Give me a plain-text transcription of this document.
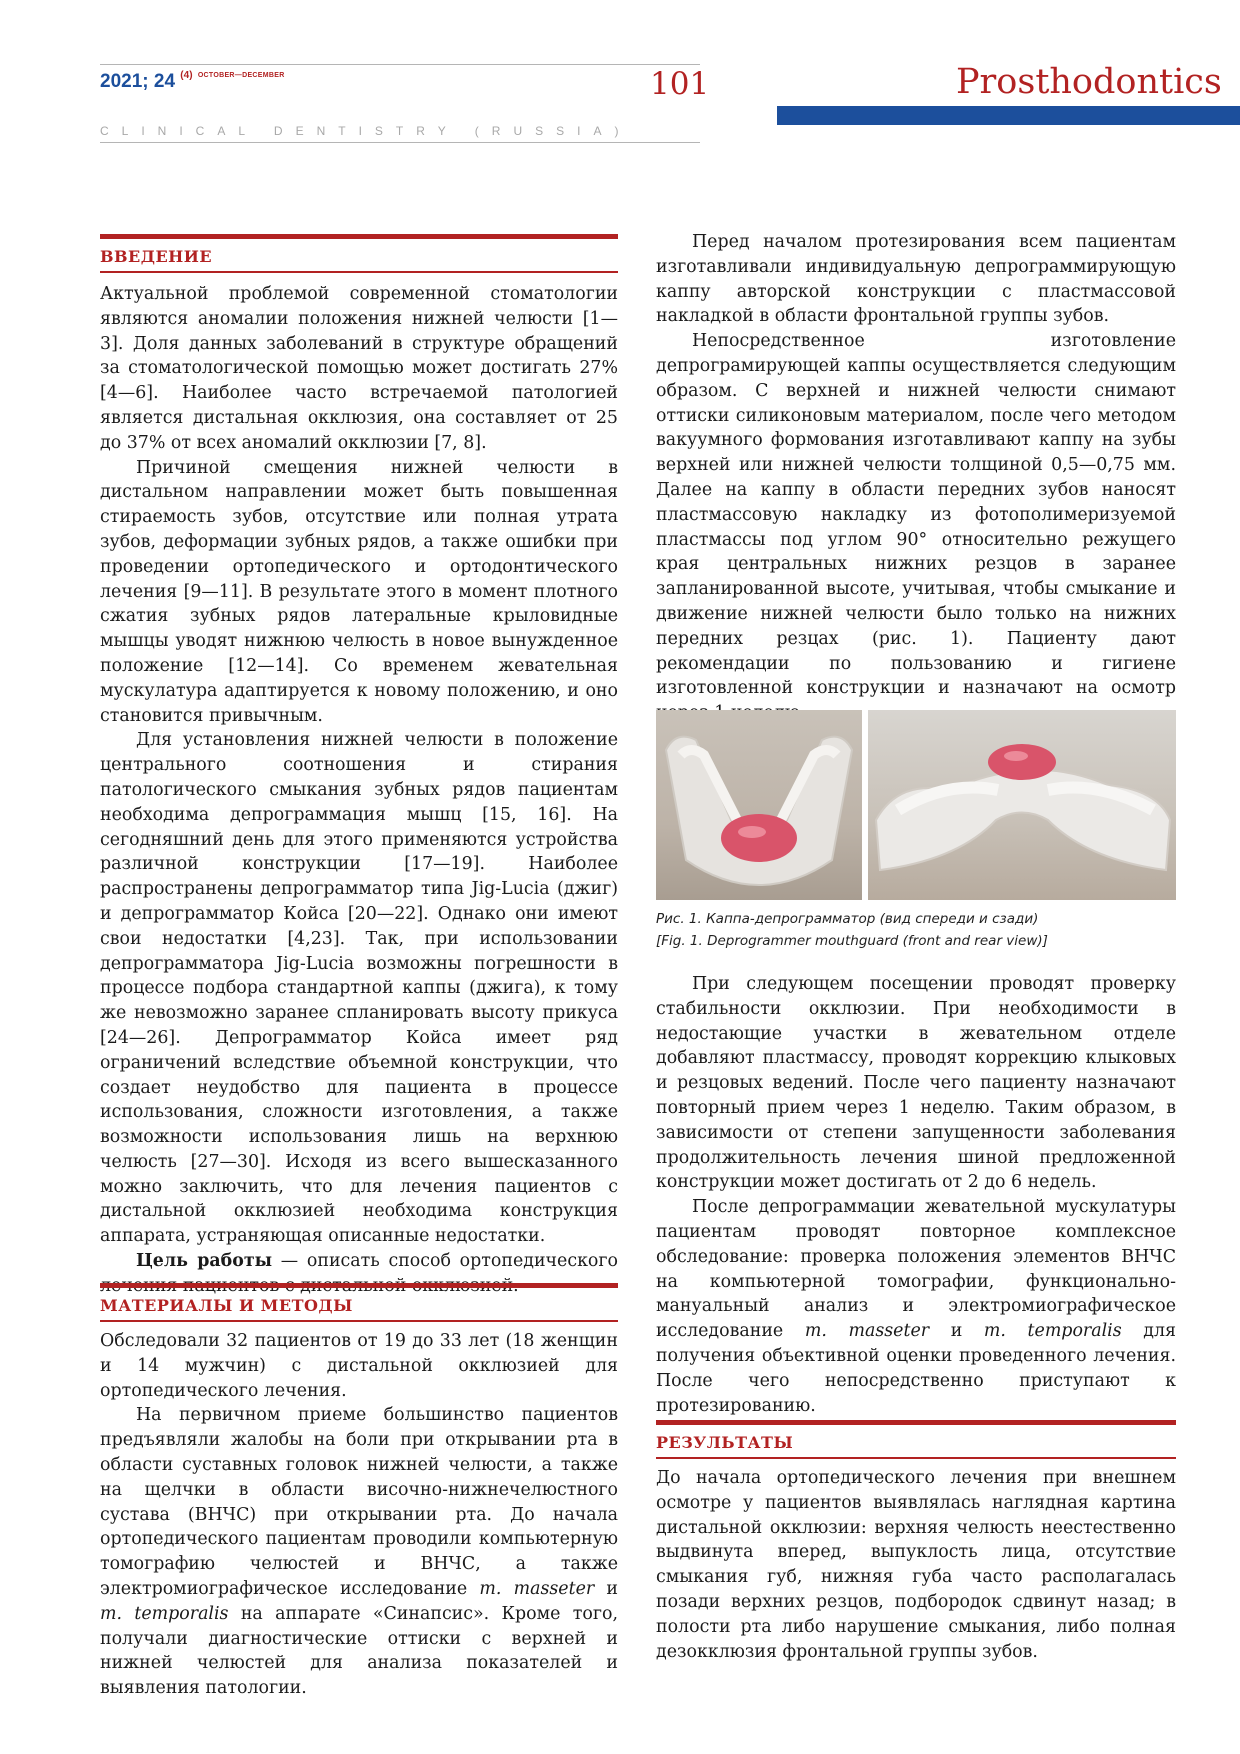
2021; 24 $^{(4)}$ $^{OCTOBER—DECEMBER}$	101	Prosthodontics
CLINICAL DENTISTRY (RUSSIA)
ВВЕДЕНИЕ

Актуальной проблемой современной стоматологии являются аномалии положения нижней челюсти [1—3]. Доля данных заболеваний в структуре обращений за стоматологической помощью может достигать 27% [4—6]. Наиболее часто встречаемой патологией является дистальная окклюзия, она составляет от 25 до 37% от всех аномалий окклюзии [7, 8].

Причиной смещения нижней челюсти в дистальном направлении может быть повышенная стираемость зубов, отсутствие или полная утрата зубов, деформации зубных рядов, а также ошибки при проведении ортопедического и ортодонтического лечения [9—11]. В результате этого в момент плотного сжатия зубных рядов латеральные крыловидные мышцы уводят нижнюю челюсть в новое вынужденное положение [12—14]. Со временем жевательная мускулатура адаптируется к новому положению, и оно становится привычным.

Для установления нижней челюсти в положение центрального соотношения и стирания патологического смыкания зубных рядов пациентам необходима депрограммация мышц [15, 16]. На сегодняшний день для этого применяются устройства различной конструкции [17—19]. Наиболее распространены депрограмматор типа Jig-Lucia (джиг) и депрограмматор Койса [20—22]. Однако они имеют свои недостатки [4,23]. Так, при использовании депрограмматора Jig-Lucia возможны погрешности в процессе подбора стандартной каппы (джига), к тому же невозможно заранее спланировать высоту прикуса [24—26]. Депрограмматор Койса имеет ряд ограничений вследствие объемной конструкции, что создает неудобство для пациента в процессе использования, сложности изготовления, а также возможности использования лишь на верхнюю челюсть [27—30]. Исходя из всего вышесказанного можно заключить, что для лечения пациентов с дистальной окклюзией необходима конструкция аппарата, устраняющая описанные недостатки.

Цель работы — описать способ ортопедического

МАТЕРИАЛЫ И МЕТОДЫ

Обследовали 32 пациентов от 19 до 33 лет (18 женщин и 14 мужчин) с дистальной окклюзией для ортопедического лечения.

На первичном приеме большинство пациентов предъявляли жалобы на боли при открывании рта в области суставных головок нижней челюсти, а также на щелчки в области височно-нижнечелюстного сустава (ВНЧС) при открывании рта. До начала ортопедического пациентам проводили компьютерную томографию челюстей и ВНЧС, а также электромиографическое исследование m. masseter и m. temporalis на аппарате «Синапсис». Кроме того, получали диагностические оттиски с верхней и нижней челюстей для анализа показателей и выявления патологии.

Перед началом протезирования всем пациентам изготавливали индивидуальную депрограммирующую каппу авторской конструкции с пластмассовой накладкой в области фронтальной группы зубов.

Непосредственное изготовление депрограмирующей каппы осуществляется следующим образом. С верхней и нижней челюсти снимают оттиски силиконовым материалом, после чего методом вакуумного формования изготавливают каппу на зубы верхней или нижней челюсти толщиной 0,5—0,75 мм. Далее на каппу в области передних зубов наносят пластмассовую накладку из фотополимеризуемой пластмассы под углом 90° относительно режущего края центральных нижних резцов в заранее запланированной высоте, учитывая, чтобы смыкание и движение нижней челюсти было только на нижних передних резцах (рис. 1). Пациенту дают рекомендации по пользованию и гигиене изготовленной конструкции и назначают на осмотр

Рис. 1. Каппа-депрограмматор (вид спереди и сзади)
[Fig. 1. Deprogrammer mouthguard (front and rear view)]

При следующем посещении проводят проверку стабильности окклюзии. При необходимости в недостающие участки в жевательном отделе добавляют пластмассу, проводят коррекцию клыковых и резцовых ведений. После чего пациенту назначают повторный прием через 1 неделю. Таким образом, в зависимости от степени запущенности заболевания продолжительность лечения шиной предложенной конструкции может достигать от 2 до 6 недель.

После депрограммации жевательной мускулатуры пациентам проводят повторное комплексное обследование: проверка положения элементов ВНЧС на компьютерной томографии, функционально-мануальный анализ и электромиографическое исследование m. masseter и m. temporalis для получения объективной оценки проведенного лечения. После чего непосредственно приступают к протезированию.

РЕЗУЛЬТАТЫ

До начала ортопедического лечения при внешнем осмотре у пациентов выявлялась наглядная картина дистальной окклюзии: верхняя челюсть неестественно выдвинута вперед, выпуклость лица, отсутствие смыкания губ, нижняя губа часто располагалась позади верхних резцов, подбородок сдвинут назад; в полости рта либо нарушение смыкания, либо полная дезокклюзия фронтальной группы зубов.
